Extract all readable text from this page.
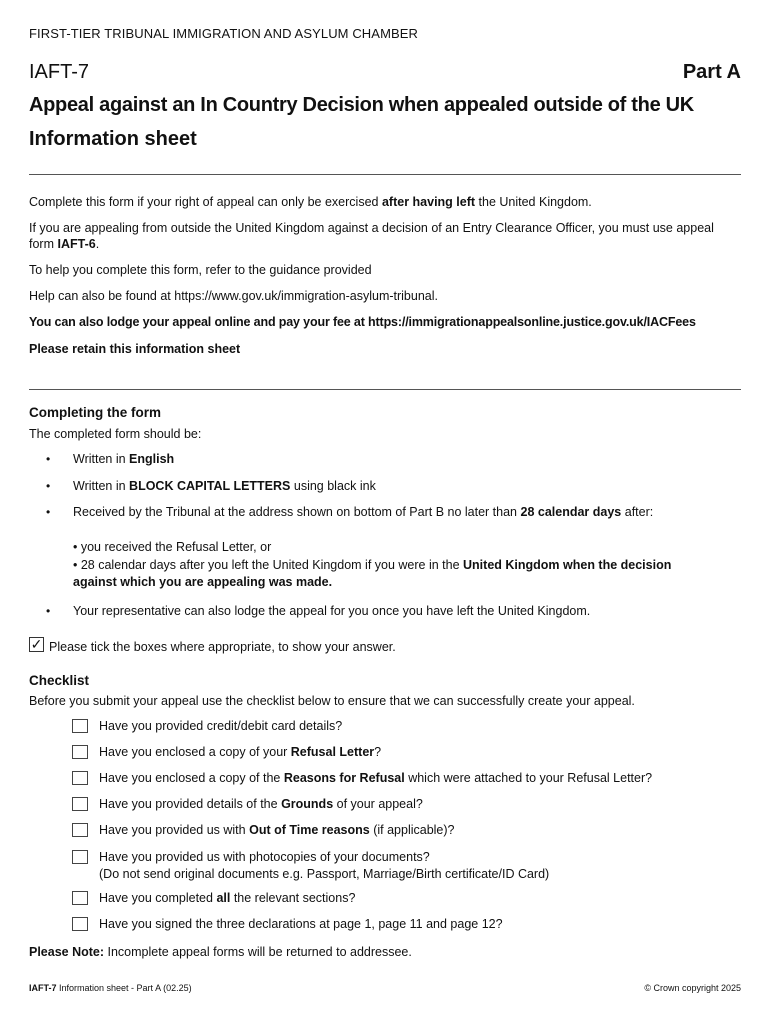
FIRST-TIER TRIBUNAL IMMIGRATION AND ASYLUM CHAMBER
IAFT-7	Part A
Appeal against an In Country Decision when appealed outside of the UK
Information sheet
Complete this form if your right of appeal can only be exercised after having left the United Kingdom.
If you are appealing from outside the United Kingdom against a decision of an Entry Clearance Officer, you must use appeal form IAFT-6.
To help you complete this form, refer to the guidance provided
Help can also be found at https://www.gov.uk/immigration-asylum-tribunal.
You can also lodge your appeal online and pay your fee at https://immigrationappealsonline.justice.gov.uk/IACFees
Please retain this information sheet
Completing the form
The completed form should be:
• Written in English
• Written in BLOCK CAPITAL LETTERS using black ink
• Received by the Tribunal at the address shown on bottom of Part B no later than 28 calendar days after:
• you received the Refusal Letter, or
• 28 calendar days after you left the United Kingdom if you were in the United Kingdom when the decision against which you are appealing was made.
• Your representative can also lodge the appeal for you once you have left the United Kingdom.
✓ Please tick the boxes where appropriate, to show your answer.
Checklist
Before you submit your appeal use the checklist below to ensure that we can successfully create your appeal.
Have you provided credit/debit card details?
Have you enclosed a copy of your Refusal Letter?
Have you enclosed a copy of the Reasons for Refusal which were attached to your Refusal Letter?
Have you provided details of the Grounds of your appeal?
Have you provided us with Out of Time reasons (if applicable)?
Have you provided us with photocopies of your documents?
(Do not send original documents e.g. Passport, Marriage/Birth certificate/ID Card)
Have you completed all the relevant sections?
Have you signed the three declarations at page 1, page 11 and page 12?
Please Note: Incomplete appeal forms will be returned to addressee.
IAFT-7 Information sheet - Part A (02.25)	© Crown copyright 2025
